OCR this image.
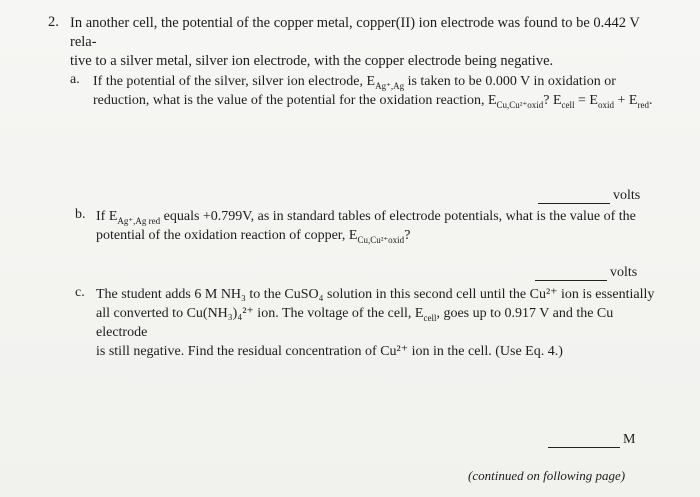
2. In another cell, the potential of the copper metal, copper(II) ion electrode was found to be 0.442 V rela-
tive to a silver metal, silver ion electrode, with the copper electrode being negative.
a. If the potential of the silver, silver ion electrode, $E_{Ag^+,Ag}$ is taken to be 0.000 V in oxidation or
reduction, what is the value of the potential for the oxidation reaction, $E_{Cu,Cu^{2+}oxid}$? $E_{cell} = E_{oxid} + E_{red}$.
volts
b. If $E_{Ag^+,Ag red}$ equals +0.799V, as in standard tables of electrode potentials, what is the value of the
potential of the oxidation reaction of copper, $E_{Cu,Cu^{2+}oxid}$?
volts
c. The student adds 6 M NH₃ to the CuSO₄ solution in this second cell until the Cu²⁺ ion is essentially
all converted to Cu(NH₃)₄²⁺ ion. The voltage of the cell, $E_{cell}$, goes up to 0.917 V and the Cu electrode
is still negative. Find the residual concentration of Cu²⁺ ion in the cell. (Use Eq. 4.)
M
(continued on following page)
